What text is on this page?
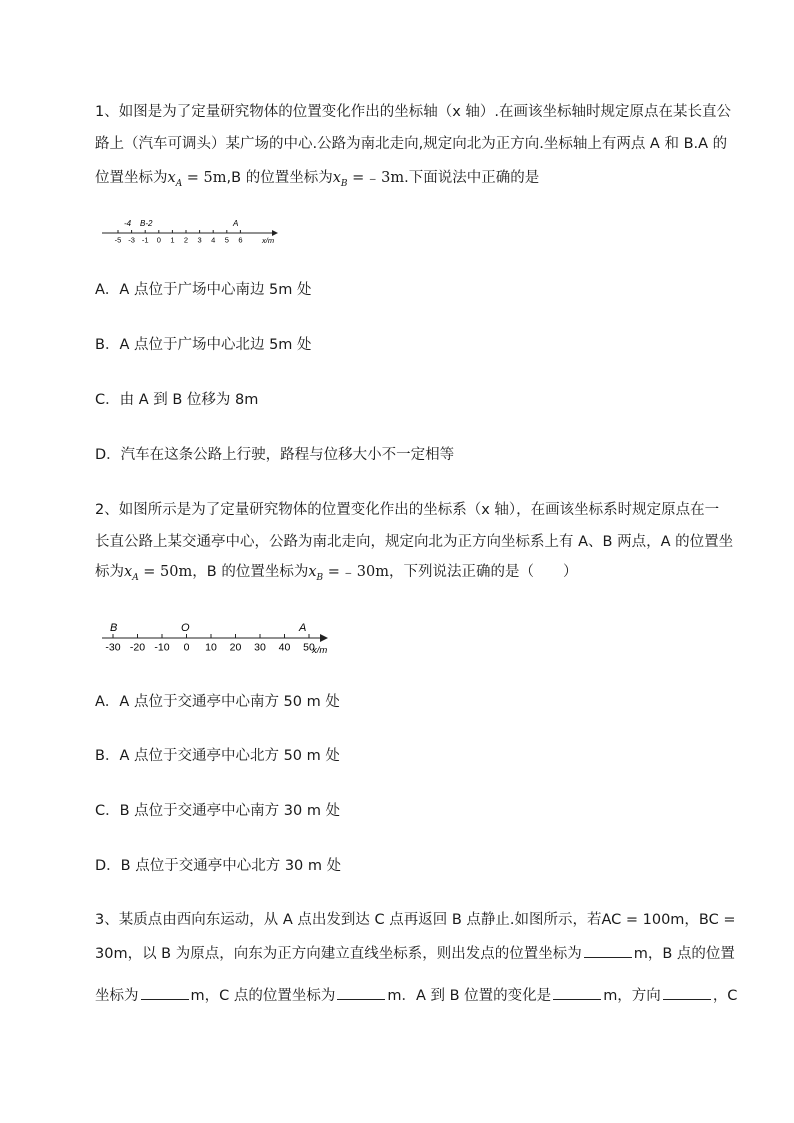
1、如图是为了定量研究物体的位置变化作出的坐标轴（x 轴）.在画该坐标轴时规定原点在某长直公
路上（汽车可调头）某广场的中心.公路为南北走向,规定向北为正方向.坐标轴上有两点 A 和 B.A 的
位置坐标为$x_A = 5m,B$ 的位置坐标为$x_B$ = ₋ 3m.下面说法中正确的是
-5 -3 -1 0 1 2 3 4 5 6
-4 B-2	A
x/m
A．A 点位于广场中心南边 5m 处
B．A 点位于广场中心北边 5m 处
C．由 A 到 B 位移为 8m
D．汽车在这条公路上行驶，路程与位移大小不一定相等
2、如图所示是为了定量研究物体的位置变化作出的坐标系（x 轴），在画该坐标系时规定原点在一
长直公路上某交通亭中心，公路为南北走向，规定向北为正方向坐标系上有 A、B 两点，A 的位置坐
标为$x_A = 50m$，B 的位置坐标为$x_B$ = ₋ 30m，下列说法正确的是（　　）
-30 -20 -10 0 10 20 30 40 50
B	O	A
x/m
A．A 点位于交通亭中心南方 50 m 处
B．A 点位于交通亭中心北方 50 m 处
C．B 点位于交通亭中心南方 30 m 处
D．B 点位于交通亭中心北方 30 m 处
3、某质点由西向东运动，从 A 点出发到达 C 点再返回 B 点静止.如图所示，若AC = 100m，BC =
30m，以 B 为原点，向东为正方向建立直线坐标系，则出发点的位置坐标为	m，B 点的位置
坐标为	m，C 点的位置坐标为	m．A 到 B 位置的变化是	m，方向	，C
